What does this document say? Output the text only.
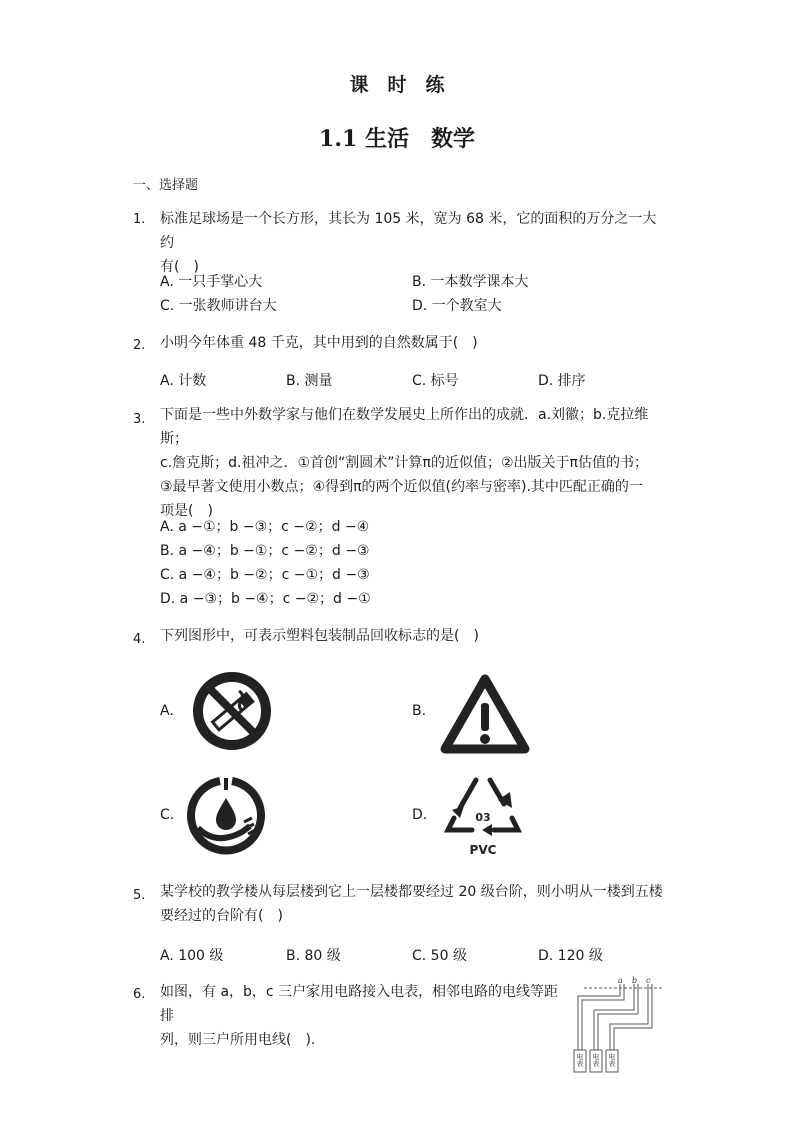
课　时　练
1.1 生活　数学
一、选择题
1. 标准足球场是一个长方形，其长为 105 米，宽为 68 米，它的面积的万分之一大约
有(　)
A. 一只手掌心大	B. 一本数学课本大
C. 一张教师讲台大	D. 一个教室大
2. 小明今年体重 48 千克，其中用到的自然数属于(　)
A. 计数	B. 测量	C. 标号	D. 排序
3. 下面是一些中外数学家与他们在数学发展史上所作出的成就．a.刘徽；b.克拉维斯；
c.詹克斯；d.祖冲之．①首创“割圆术”计算π的近似值；②出版关于π估值的书；
③最早著文使用小数点；④得到π的两个近似值(约率与密率).其中匹配正确的一
项是(　)
A. a −①；b −③；c −②；d −④
B. a −④；b −①；c −②；d −③
C. a −④；b −②；c −①；d −③
D. a −③；b −④；c −②；d −①
4. 下列图形中，可表示塑料包装制品回收标志的是(　)
A.	B.
C.	D.	03
PVC
5. 某学校的教学楼从每层楼到它上一层楼都要经过 20 级台阶，则小明从一楼到五楼
要经过的台阶有(　)
A. 100 级	B. 80 级	C. 50 级	D. 120 级
6. 如图，有 a，b，c 三户家用电路接入电表，相邻电路的电线等距排
列，则三户所用电线(　).
a b c
电表 电表 电表
